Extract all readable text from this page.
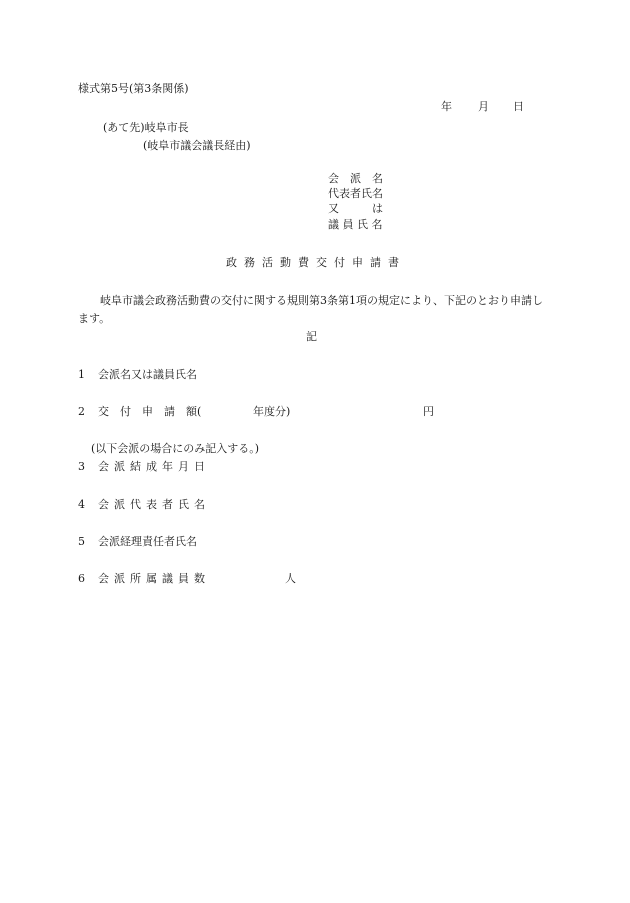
様式第5号(第3条関係)
年 月 日
(あて先)岐阜市長
(岐阜市議会議長経由)
会　派　名
代表者氏名
又　　　は
議 員 氏 名
政務活動費交付申請書
岐阜市議会政務活動費の交付に関する規則第3条第1項の規定により、下記のとおり申請します。
記
1 会派名又は議員氏名
2 交　付　申　請　額(	年度分)	円
(以下会派の場合にのみ記入する。)
3 会派結成年月日
4 会派代表者氏名
5 会派経理責任者氏名
6 会派所属議員数	人
